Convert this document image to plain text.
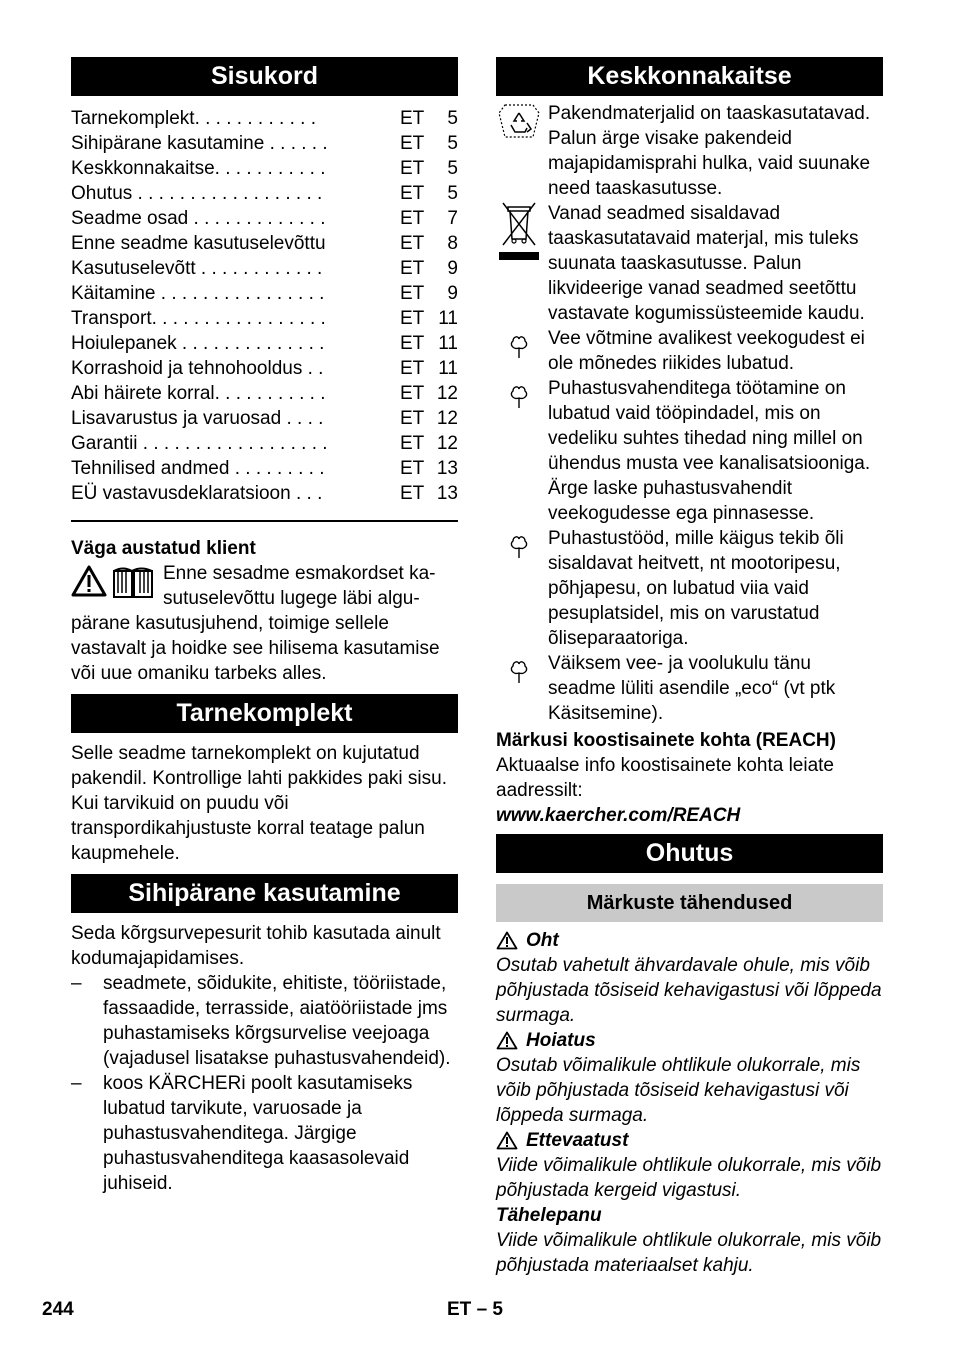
Sisukord
Tarnekomplekt. . . . . . . . . . . .	ET 5
Sihipärane kasutamine . . . . . .	ET 5
Keskkonnakaitse. . . . . . . . . . .	ET 5
Ohutus . . . . . . . . . . . . . . . . . .	ET 5
Seadme osad . . . . . . . . . . . . .	ET 7
Enne seadme kasutuselevõttu	ET 8
Kasutuselevõtt . . . . . . . . . . . .	ET 9
Käitamine . . . . . . . . . . . . . . . .	ET 9
Transport. . . . . . . . . . . . . . . . .	ET 11
Hoiulepanek . . . . . . . . . . . . . .	ET 11
Korrashoid ja tehnohooldus . .	ET 11
Abi häirete korral. . . . . . . . . . .	ET 12
Lisavarustus ja varuosad . . . .	ET 12
Garantii . . . . . . . . . . . . . . . . . .	ET 12
Tehnilised andmed . . . . . . . . .	ET 13
EÜ vastavusdeklaratsioon . . .	ET 13

Väga austatud klient

Enne sesadme esmakordset ka-

sutuselevõttu lugege läbi algu-

pärane kasutusjuhend, toimige sellele vastavalt ja hoidke see hilisema kasutamise või uue omaniku tarbeks alles.

Tarnekomplekt

Selle seadme tarnekomplekt on kujutatud pakendil. Kontrollige lahti pakkides paki sisu.

Kui tarvikuid on puudu või transpordikahjustuste korral teatage palun kaupmehele.

Sihipärane kasutamine

Seda kõrgsurvepesurit tohib kasutada ainult kodumajapidamises.

– seadmete, sõidukite, ehitiste, tööriistade, fassaadide, terrasside, aiatööriistade jms puhastamiseks kõrgsurvelise veejoaga (vajadusel lisatakse puhastusvahendeid).
– koos KÄRCHERi poolt kasutamiseks lubatud tarvikute, varuosade ja puhastusvahenditega. Järgige puhastusvahenditega kaasasolevaid juhiseid.
Keskkonnakaitse

Pakendmaterjalid on taaskasutatavad. Palun ärge visake pakendeid majapidamisprahi hulka, vaid suunake need taaskasutusse.

Vanad seadmed sisaldavad taaskasutatavaid materjal, mis tuleks suunata taaskasutusse. Palun likvideerige vanad seadmed seetõttu vastavate kogumissüsteemide kaudu.

Vee võtmine avalikest veekogudest ei ole mõnedes riikides lubatud.

Puhastusvahenditega töötamine on lubatud vaid tööpindadel, mis on vedeliku suhtes tihedad ning millel on ühendus musta vee kanalisatsiooniga. Ärge laske puhastusvahendit veekogudesse ega pinnasesse.

Puhastustööd, mille käigus tekib õli sisaldavat heitvett, nt mootoripesu, põhjapesu, on lubatud viia vaid pesuplatsidel, mis on varustatud õliseparaatoriga.

Väiksem vee- ja voolukulu tänu seadme lüliti asendile „eco“ (vt ptk Käsitsemine).

Märkusi koostisainete kohta (REACH)

Aktuaalse info koostisainete kohta leiate aadressilt:

www.kaercher.com/REACH

Ohutus
Märkuste tähendused
Oht

Osutab vahetult ähvardavale ohule, mis võib põhjustada tõsiseid kehavigastusi või lõppeda surmaga.

Hoiatus

Osutab võimalikule ohtlikule olukorrale, mis võib põhjustada tõsiseid kehavigastusi või lõppeda surmaga.

Ettevaatust

Viide võimalikule ohtlikule olukorrale, mis võib põhjustada kergeid vigastusi.

Tähelepanu

Viide võimalikule ohtlikule olukorrale, mis võib põhjustada materiaalset kahju.

244	ET – 5
